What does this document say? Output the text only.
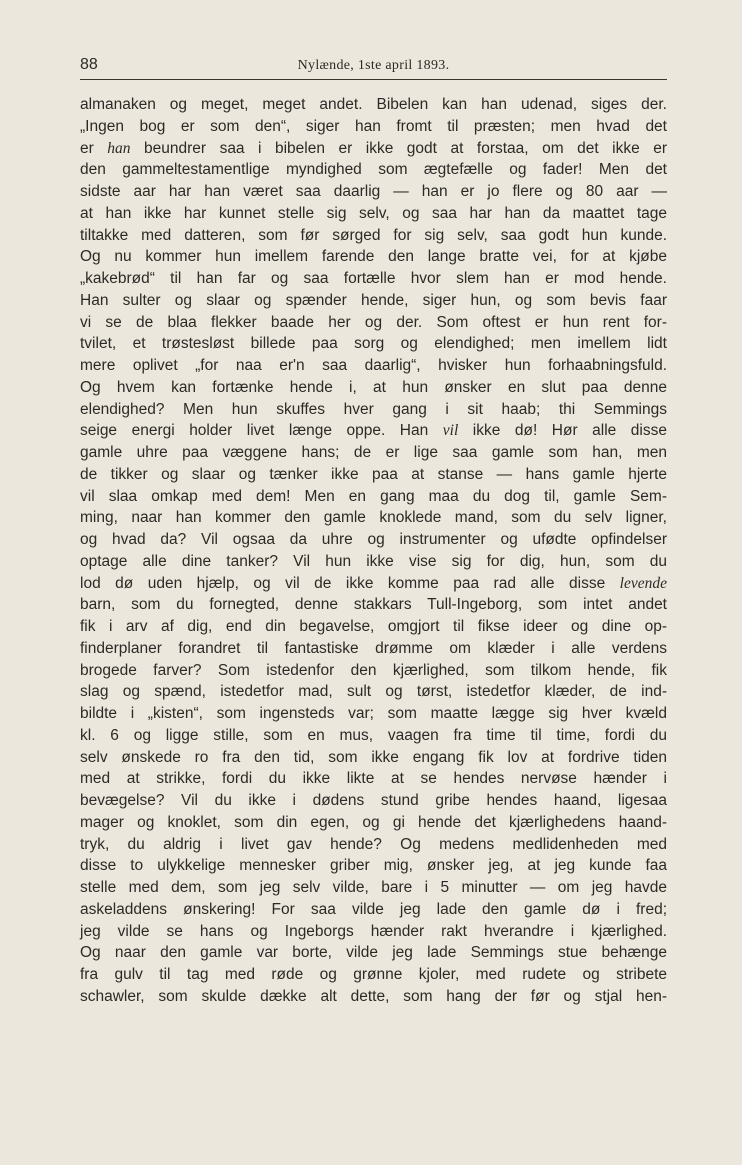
88	Nylænde, 1ste april 1893.
almanaken og meget, meget andet. Bibelen kan han udenad, siges der.
„Ingen bog er som den“, siger han fromt til præsten; men hvad det
er han beundrer saa i bibelen er ikke godt at forstaa, om det ikke er
den gammeltestamentlige myndighed som ægtefælle og fader! Men det
sidste aar har han været saa daarlig — han er jo flere og 80 aar —
at han ikke har kunnet stelle sig selv, og saa har han da maattet tage
tiltakke med datteren, som før sørged for sig selv, saa godt hun kunde.
Og nu kommer hun imellem farende den lange bratte vei, for at kjøbe
„kakebrød“ til han far og saa fortælle hvor slem han er mod hende.
Han sulter og slaar og spænder hende, siger hun, og som bevis faar
vi se de blaa flekker baade her og der. Som oftest er hun rent for-
tvilet, et trøstesløst billede paa sorg og elendighed; men imellem lidt
mere oplivet „for naa er'n saa daarlig“, hvisker hun forhaabningsfuld.
Og hvem kan fortænke hende i, at hun ønsker en slut paa denne
elendighed? Men hun skuffes hver gang i sit haab; thi Semmings
seige energi holder livet længe oppe. Han vil ikke dø! Hør alle disse
gamle uhre paa væggene hans; de er lige saa gamle som han, men
de tikker og slaar og tænker ikke paa at stanse — hans gamle hjerte
vil slaa omkap med dem! Men en gang maa du dog til, gamle Sem-
ming, naar han kommer den gamle knoklede mand, som du selv ligner,
og hvad da? Vil ogsaa da uhre og instrumenter og ufødte opfindelser
optage alle dine tanker? Vil hun ikke vise sig for dig, hun, som du
lod dø uden hjælp, og vil de ikke komme paa rad alle disse levende
barn, som du fornegted, denne stakkars Tull-Ingeborg, som intet andet
fik i arv af dig, end din begavelse, omgjort til fikse ideer og dine op-
finderplaner forandret til fantastiske drømme om klæder i alle verdens
brogede farver? Som istedenfor den kjærlighed, som tilkom hende, fik
slag og spænd, istedetfor mad, sult og tørst, istedetfor klæder, de ind-
bildte i „kisten“, som ingensteds var; som maatte lægge sig hver kvæld
kl. 6 og ligge stille, som en mus, vaagen fra time til time, fordi du
selv ønskede ro fra den tid, som ikke engang fik lov at fordrive tiden
med at strikke, fordi du ikke likte at se hendes nervøse hænder i
bevægelse? Vil du ikke i dødens stund gribe hendes haand, ligesaa
mager og knoklet, som din egen, og gi hende det kjærlighedens haand-
tryk, du aldrig i livet gav hende? Og medens medlidenheden med
disse to ulykkelige mennesker griber mig, ønsker jeg, at jeg kunde faa
stelle med dem, som jeg selv vilde, bare i 5 minutter — om jeg havde
askeladdens ønskering! For saa vilde jeg lade den gamle dø i fred;
jeg vilde se hans og Ingeborgs hænder rakt hverandre i kjærlighed.
Og naar den gamle var borte, vilde jeg lade Semmings stue behænge
fra gulv til tag med røde og grønne kjoler, med rudete og stribete
schawler, som skulde dække alt dette, som hang der før og stjal hen-
